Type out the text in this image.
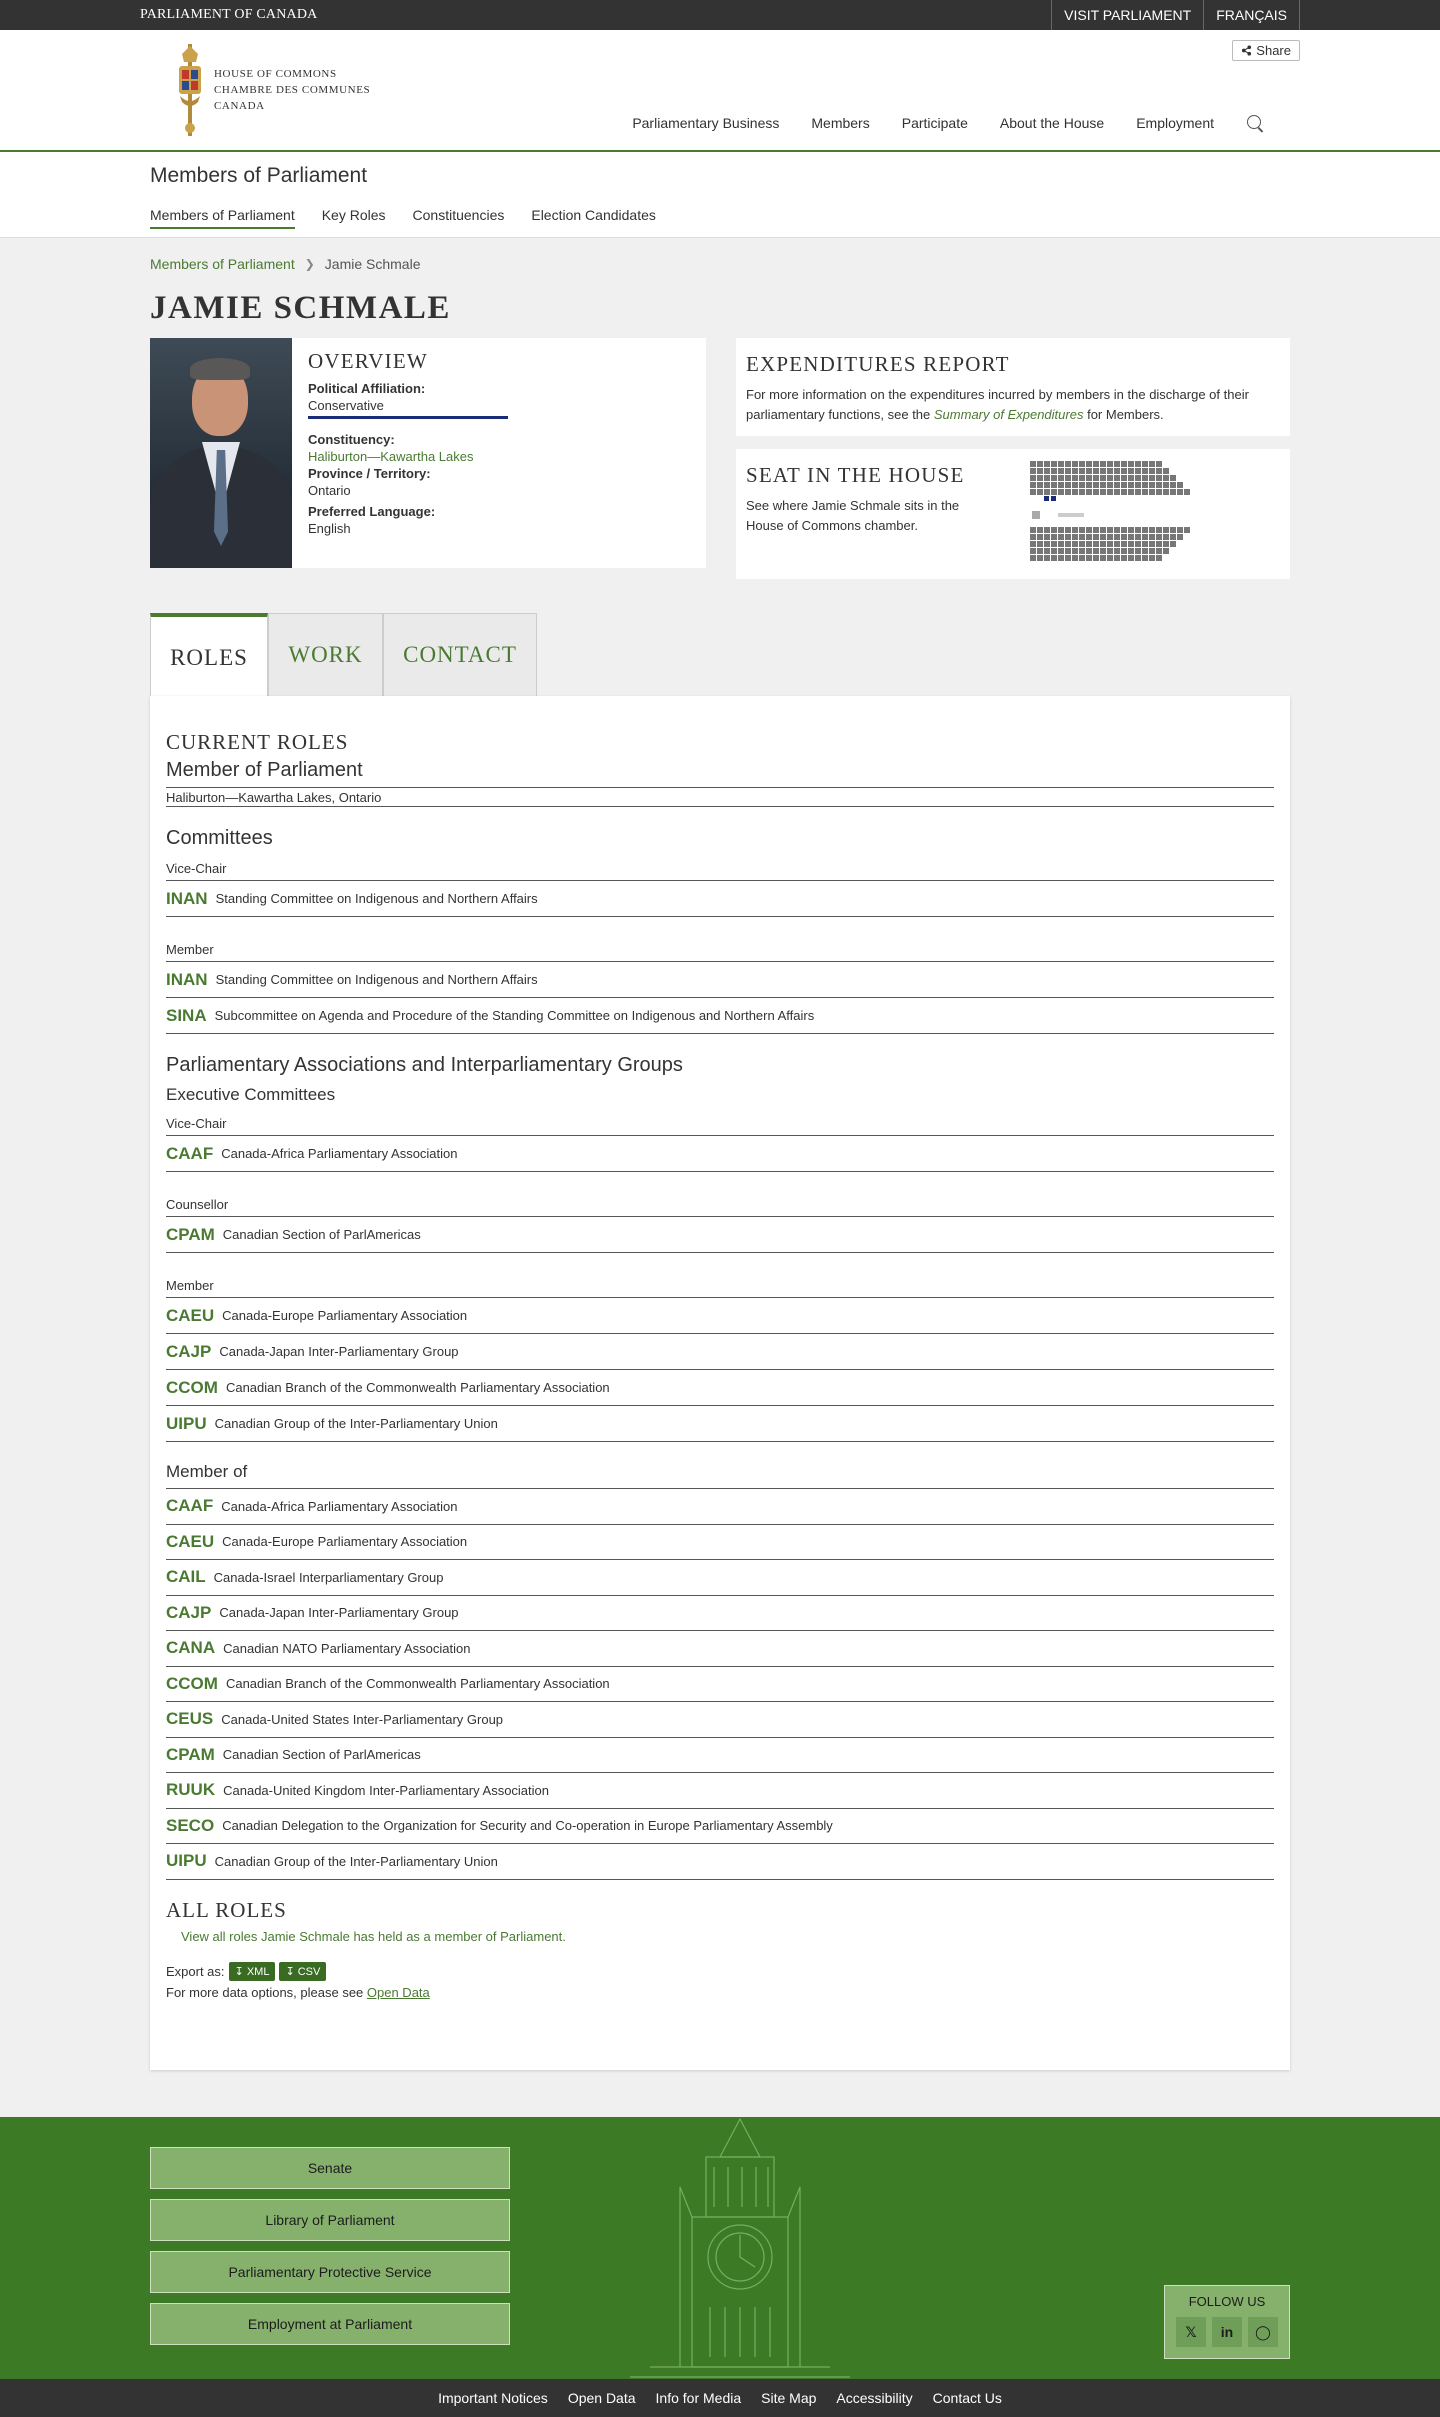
PARLIAMENT OF CANADA	VISIT PARLIAMENT	FRANÇAIS
HOUSE OF COMMONS
CHAMBRE DES COMMUNES
CANADA
Share
Parliamentary Business Members Participate About the House Employment
Members of Parliament
Members of Parliament Key Roles Constituencies Election Candidates
Members of Parliament ❯ Jamie Schmale
JAMIE SCHMALE
OVERVIEW
Political Affiliation:
Conservative
Constituency:
Haliburton—Kawartha Lakes
Province / Territory:
Ontario
Preferred Language:
English
EXPENDITURES REPORT
For more information on the expenditures incurred by members in the discharge of their parliamentary functions, see the Summary of Expenditures for Members.
SEAT IN THE HOUSE
See where Jamie Schmale sits in the House of Commons chamber.
ROLES	WORK	CONTACT
CURRENT ROLES
Member of Parliament
Haliburton—Kawartha Lakes, Ontario
Committees
Vice-Chair
INAN Standing Committee on Indigenous and Northern Affairs
Member
INAN Standing Committee on Indigenous and Northern Affairs
SINA Subcommittee on Agenda and Procedure of the Standing Committee on Indigenous and Northern Affairs
Parliamentary Associations and Interparliamentary Groups
Executive Committees
Vice-Chair
CAAF Canada-Africa Parliamentary Association
Counsellor
CPAM Canadian Section of ParlAmericas
Member
CAEU Canada-Europe Parliamentary Association
CAJP Canada-Japan Inter-Parliamentary Group
CCOM Canadian Branch of the Commonwealth Parliamentary Association
UIPU Canadian Group of the Inter-Parliamentary Union
Member of
CAAF Canada-Africa Parliamentary Association
CAEU Canada-Europe Parliamentary Association
CAIL Canada-Israel Interparliamentary Group
CAJP Canada-Japan Inter-Parliamentary Group
CANA Canadian NATO Parliamentary Association
CCOM Canadian Branch of the Commonwealth Parliamentary Association
CEUS Canada-United States Inter-Parliamentary Group
CPAM Canadian Section of ParlAmericas
RUUK Canada-United Kingdom Inter-Parliamentary Association
SECO Canadian Delegation to the Organization for Security and Co-operation in Europe Parliamentary Assembly
UIPU Canadian Group of the Inter-Parliamentary Union
ALL ROLES
View all roles Jamie Schmale has held as a member of Parliament.
Export as: ↧ XML	↧ CSV
For more data options, please see Open Data
Senate
Library of Parliament
Parliamentary Protective Service
Employment at Parliament
FOLLOW US
𝕏	in	◯
Important Notices Open Data Info for Media Site Map Accessibility Contact Us
